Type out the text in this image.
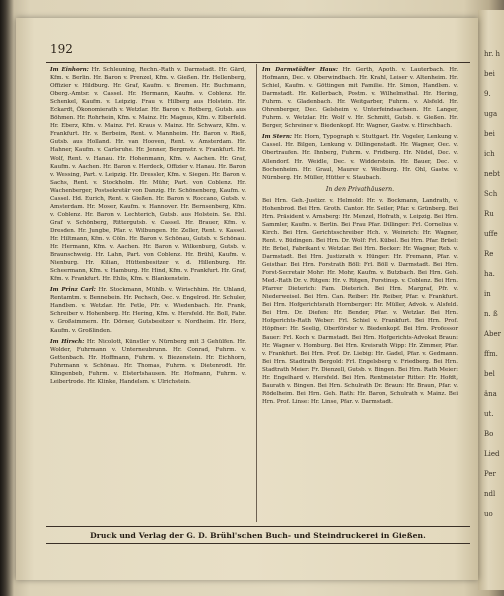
hr. h
bei
9.
uga
bei
ich
nebt
Sch
Ru
uffe
Re
ha.
in
n. ß
Aber
ffm.
bel
äna
ut.
Bo
Lied
Per
ndl
uo
192

Im Einhorn: Hr. Schleuning, Rechn.-Rath v. Darmstadt. Hr. Gärd, Kfm. v. Berlin. Hr. Baron v. Prenzel, Kfm. v. Gießen. Hr. Hellenberg, Offizier v. Hildburg. Hr. Graf, Kaufm. v. Bremen. Hr. Buchmann, Oberg.-Amtsr. v. Cassel. Hr. Hermann, Kaufm. v. Coblenz. Hr. Schenkel, Kaufm. v. Leipzig. Frau v. Hilberg aus Holstein. Hr. Eckardt, Ökonomierath v. Wetzlar. Hr. Baron v. Rotberg, Gutsb. aus Böhmen. Hr. Rohrhein, Kfm. v. Mainz. Hr. Magnus, Kfm. v. Elberfeld. Hr. Eberz, Kfm. v. Mainz. Frl. Kraus v. Mainz. Hr. Schwarz, Kfm. v. Frankfurt. Hr. v. Berbeim, Rent. v. Mannheim. Hr. Baron v. Rieß, Gutsb. aus Holland. Hr. van Hooven, Rent. v. Amsterdam. Hr. Hahner, Kaufm. v. Carlsruhe. Hr. Jenner, Bergmstr. v. Frankfurt. Hr. Wolf, Rent. v. Hanau. Hr. Hohenmann, Kfm. v. Aachen. Hr. Graf, Kaufm. v. Aachen. Hr. Baron v. Herdeck, Offizier v. Hanau. Hr. Baron v. Wessing, Part. v. Leipzig. Hr. Dressler, Kfm. v. Siegen. Hr. Baron v. Sachs, Rent. v. Stockholm. Hr. Mühr, Part. von Coblenz. Hr. Wachenberger, Postsekretär von Danzig. Hr. Schönenberg, Kaufm. v. Cassel. Hd. Eurich, Rent. v. Gießen. Hr. Baron v. Roccano, Gutsb. v. Amsterdam. Hr. Moser, Kaufm. v. Hannover. Hr. Bernsenberg, Kfm. v. Coblenz. Hr. Baron v. Lechterich, Gutsb. aus Holstein. Se. Ehl. Graf v. Schönberg, Rittergutsb. v. Cassel. Hr. Brauer, Kfm. v. Dresden. Hr. Jungbe, Pfar. v. Wilbungen. Hr. Zeller, Rent. v. Kassel. Hr. Hiltmann, Kfm. v. Cöln. Hr. Baron v. Schönau, Gutsb. v. Schönau. Hr. Hermann, Kfm. v. Aachen. Hr. Baron v. Wilkenburg, Gutsb. v. Braunschweig. Hr. Lahn, Part. von Coblenz. Hr. Brühl, Kaufm. v. Nienburg. Hr. Kilian, Hüttenbesitzer v. d. Hillenburg. Hr. Scheermann, Kfm. v. Hamburg. Hr. Hind, Kfm. v. Frankfurt. Hr. Graf, Kfm. v. Frankfurt. Hr. Ehlis, Kfm. v. Blankenstein.

Im Prinz Carl: Hr. Stockmann, Mühlb. v. Wirischhim. Hr. Uhland, Rentamtm. v. Bennebein. Hr. Pechsch, Oec. v. Engelrod. Hr. Schuler, Handlsm. v. Wetzlar. Hr. Fetle, Pfr. v. Wiedenbach. Hr. Frank, Schreiber v. Hohenberg. Hr. Hering, Kfm. v. Hersfeld. Hr. Boll, Fabr. v. Großsimmern. Hr. Dörner, Gutsbesitzer v. Nordheim. Hr. Herz, Kaufm. v. Großlinden.

Im Hirsch: Hr. Nicolott, Künstler v. Nürnberg mit 3 Gehülfen. Hr. Wolder, Fuhrmann v. Unterneubrunn. Hr. Conrad, Fuhrm. v. Gettenbach. Hr. Hoffmann, Fuhrm. v. Biezenstein. Hr. Eichhorn, Fuhrmann v. Schönau. Hr. Thomas, Fuhrm. v. Dietenrodt. Hr. Klingenbeb, Fuhrm. v. Elstertshausen. Hr. Hofmann, Fuhrm. v. Leibertrode. Hr. Klinke, Handelsm. v. Ulrichstein.

Im Darmstädter Haus: Hr. Gerth, Apoth. v. Lauterbach. Hr. Hofmann, Dec. v. Oberwindbach. Hr. Krahl, Leiser v. Altenheim. Hr. Schiel, Kaufm. v. Göttingen mit Familie. Hr. Simon, Handlsm. v. Darmstadt. Hr. Kellerbach, Postm. v. Wilhelmsthal. Hr. Hering, Fuhrm. v. Gladenbach. Hr. Weitgarber, Fuhrm. v. Alsfeld. Hr. Ohrenberger, Dec. Gelsheim v. Unterfeindsachsen. Hr. Langer, Fuhrm. v. Wetzlar. Hr. Wolf v. Hr. Schmitt, Gutsb. v. Gießen. Hr. Berger, Schreiner v. Biedenkopf. Hr. Wagner, Gastw. v. Hirschbach.

Im Stern: Hr. Horn, Typograph v. Stuttgart. Hr. Vogeler, Lenkung v. Cassel. Hr. Bilgen, Lenkung v. Dillingenstadt. Hr. Wagner, Oec. v. Obertraufen. Hr. Ihnberg, Fuhrm. v. Fridberg. Hr. Nüdel, Dec. v. Allendorf. Hr. Weidle, Dec. v. Widderstein. Hr. Bauer, Dec. v. Bochenheim. Hr. Graul, Maurer v. Weilburg. Hr. Ohl, Gastw. v. Nürnberg. Hr. Müller, Hütter v. Staubach.

In den Privathäusern.

Bei Hrn. Geh.-Justizr. v. Helmold: Hr. v. Bockmann, Landrath, v. Hohenbrod. Bei Hrn. Groth. Cantor. Hr. Seiler, Pfar. v. Grünberg. Bei Hrn. Präsident v. Arnsberg: Hr. Menzel, Hofrath, v. Leipzig. Bei Hrn. Sammler, Kaufm. v. Berlin. Bei Frau Pfar. Dillinger: Frl. Cornelius v. Kirch. Bei Hrn. Gerichtsschreiber Hch. v. Weinrich: Hr. Wagner, Rent. v. Büdingen. Bei Hrn. Dr. Wolf: Frl. Kübel. Bei Hrn. Pfar. Brüel: Hr. Brüel, Fabrikant v. Wetzlar. Bei Hrn. Becker: Hr. Wagner, Reb. v. Darmstadt. Bei Hrn. Justizrath v. Hünger: Hr. Fremann, Pfar. v. Geisthar. Bei Hrn. Forstrath Böll: Frl. Böll v. Darmstadt. Bei Hrn. Forst-Secretair Mohr: Hr. Mohr, Kaufm. v. Butzbach. Bei Hrn. Geh. Med.-Rath Dr. v. Ritgen: Hr. v. Ritgen, Forstinsp. v. Coblenz. Bei Hrn. Pfarrer Dieterich: Fam. Dieterich. Bei Hrn. Margraf, Pfr. v. Niederweisel. Bei Hrn. Can. Reiber: Hr. Reiber, Pfar. v. Frankfurt. Bei Hrn. Hofgerichtsrath Hornberger: Hr. Müller, Advok. v. Alsfeld. Bei Hrn. Dr. Diefen: Hr. Bender, Pfar. v. Wetzlar. Bei Hrn. Hofgerichts-Rath Weber: Frl. Schiel v. Frankfurt. Bei Hrn. Prof. Höpfner: Hr. Seelig, Oberförster v. Biedenkopf. Bei Hrn. Professor Bauer: Frl. Koch v. Darmstadt. Bei Hrn. Hofgerichts-Advokat Braun: Hr. Wagner v. Homburg. Bei Hrn. Kreisrath Wipp: Hr. Zimmer, Pfar. v. Frankfurt. Bei Hrn. Prof. Dr. Liebig: Hr. Gadel, Pfar. v. Gedmann. Bei Hrn. Stadtrath Bergold: Frl. Engelsberg v. Friedberg. Bei Hrn. Stadtrath Meier: Fr. Dienzell, Gutsb. v. Bingen. Bei Hrn. Rath Meier: Hr. Engelhard v. Hersfeld. Bei Hrn. Rentmeister Ritter: Hr. Hofdt, Baurath v. Bingen. Bei Hrn. Schulrath Dr. Braun: Hr. Braun, Pfar. v. Rödelheim. Bei Hrn. Geh. Rath: Hr. Baron, Schulrath v. Mainz. Bei Hrn. Prof. Linse: Hr. Linse, Pfar. v. Darmstadt.

Druck und Verlag der G. D. Brühl'schen Buch- und Steindruckerei in Gießen.
